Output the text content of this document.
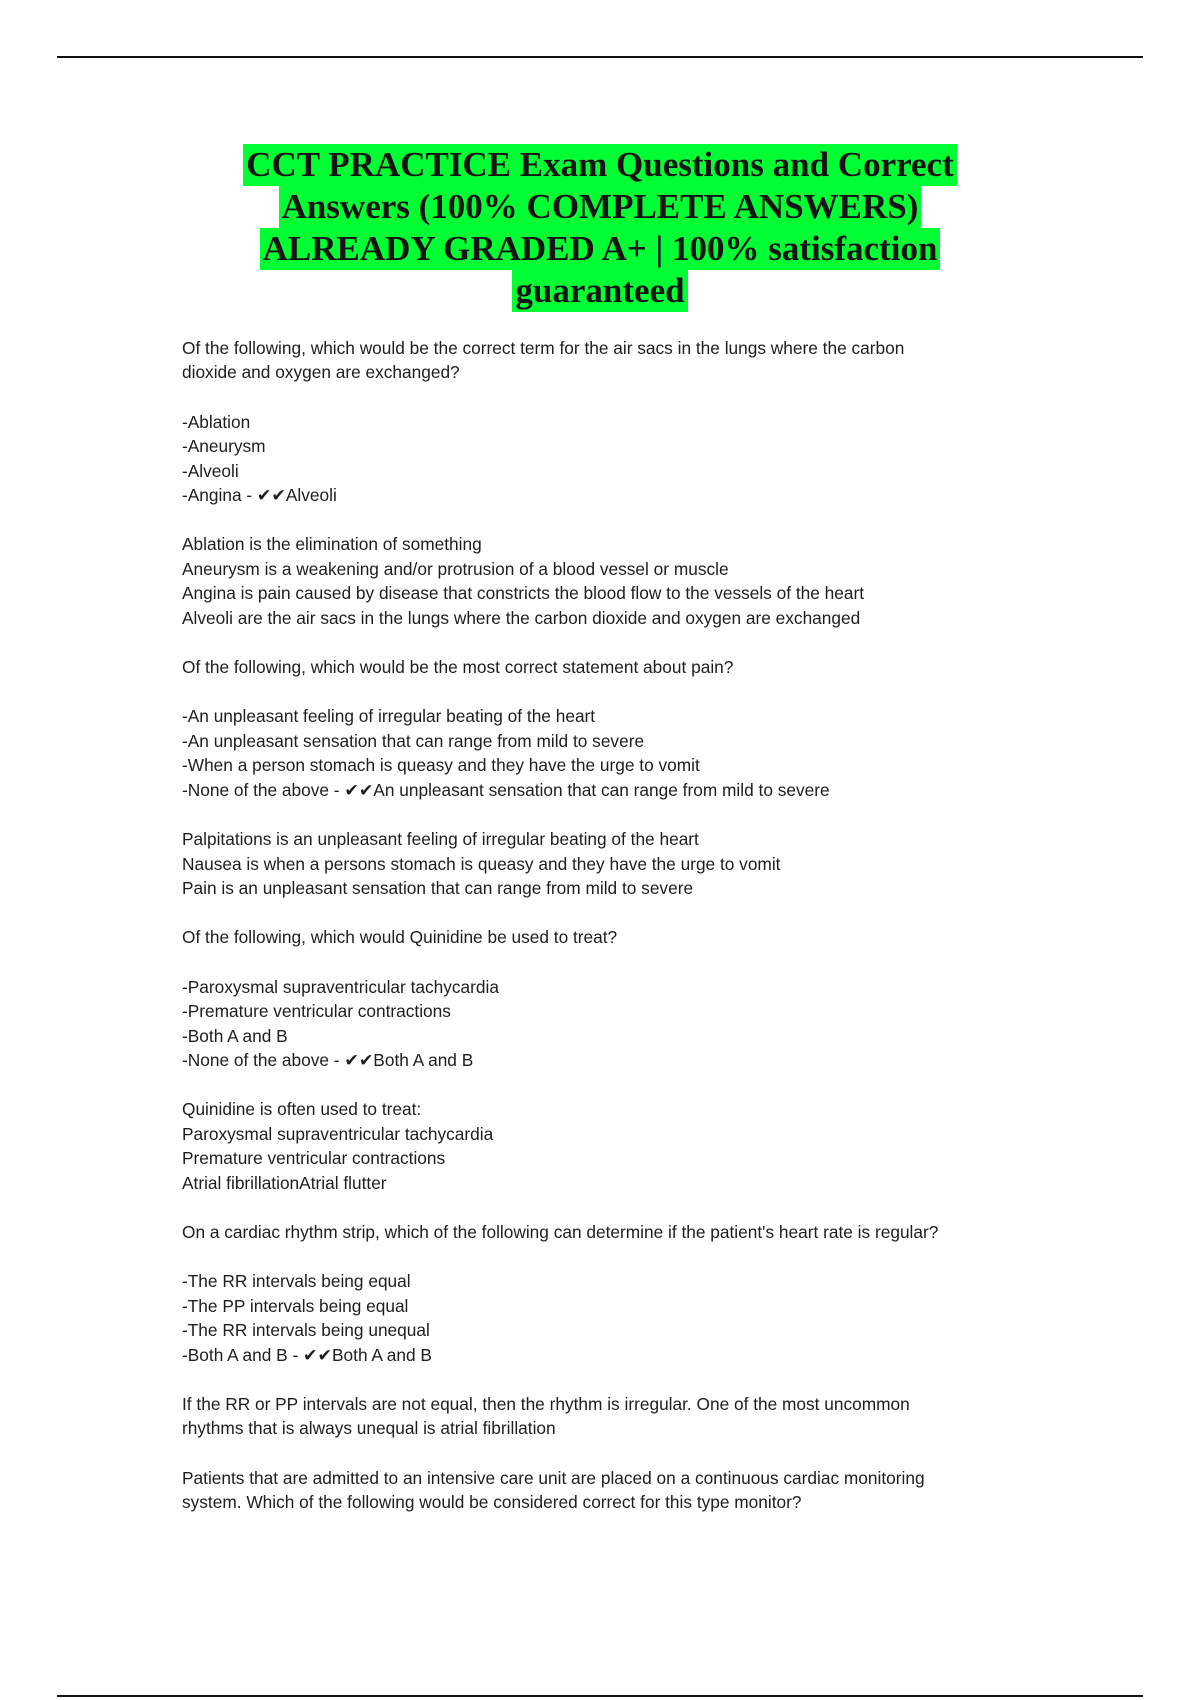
CCT PRACTICE Exam Questions and Correct
Answers (100% COMPLETE ANSWERS)
ALREADY GRADED A+ | 100% satisfaction
guaranteed
Of the following, which would be the correct term for the air sacs in the lungs where the carbon
dioxide and oxygen are exchanged?
-Ablation
-Aneurysm
-Alveoli
-Angina - ✔✔Alveoli
Ablation is the elimination of something
Aneurysm is a weakening and/or protrusion of a blood vessel or muscle
Angina is pain caused by disease that constricts the blood flow to the vessels of the heart
Alveoli are the air sacs in the lungs where the carbon dioxide and oxygen are exchanged
Of the following, which would be the most correct statement about pain?
-An unpleasant feeling of irregular beating of the heart
-An unpleasant sensation that can range from mild to severe
-When a person stomach is queasy and they have the urge to vomit
-None of the above - ✔✔An unpleasant sensation that can range from mild to severe
Palpitations is an unpleasant feeling of irregular beating of the heart
Nausea is when a persons stomach is queasy and they have the urge to vomit
Pain is an unpleasant sensation that can range from mild to severe
Of the following, which would Quinidine be used to treat?
-Paroxysmal supraventricular tachycardia
-Premature ventricular contractions
-Both A and B
-None of the above - ✔✔Both A and B
Quinidine is often used to treat:
Paroxysmal supraventricular tachycardia
Premature ventricular contractions
Atrial fibrillationAtrial flutter
On a cardiac rhythm strip, which of the following can determine if the patient's heart rate is regular?
-The RR intervals being equal
-The PP intervals being equal
-The RR intervals being unequal
-Both A and B - ✔✔Both A and B
If the RR or PP intervals are not equal, then the rhythm is irregular. One of the most uncommon
rhythms that is always unequal is atrial fibrillation
Patients that are admitted to an intensive care unit are placed on a continuous cardiac monitoring
system. Which of the following would be considered correct for this type monitor?
